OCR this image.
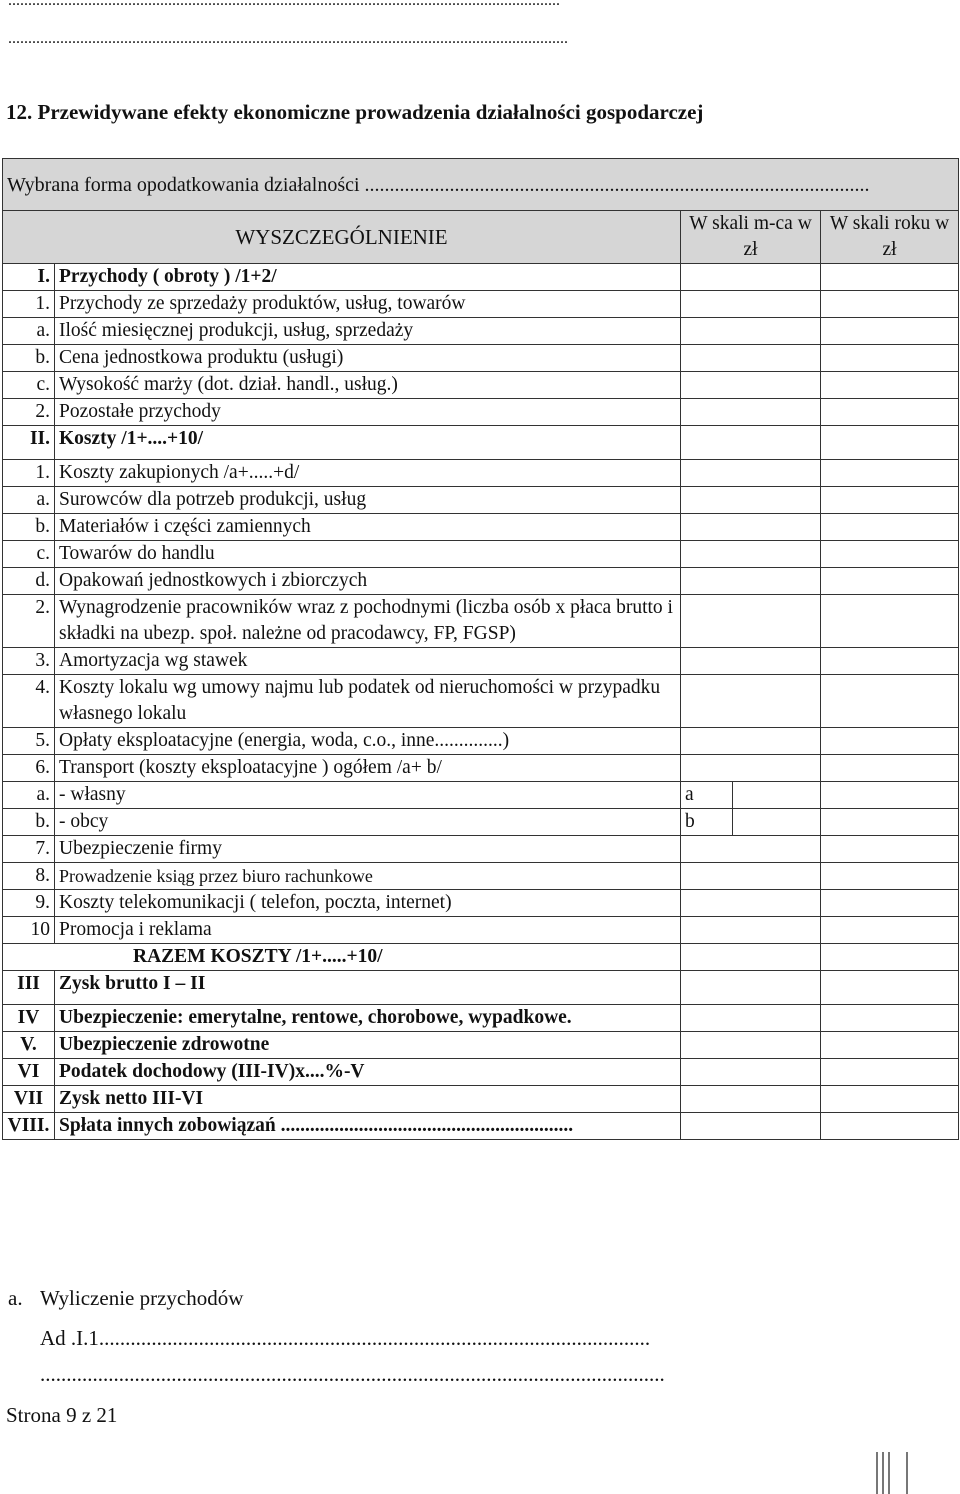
..........................................................................................................................................
............................................................................................................................................
12. Przewidywane efekty ekonomiczne prowadzenia działalności gospodarczej
Wybrana forma opodatkowania działalności .....................................................................................................				
WYSZCZEGÓLNIENIE		W skali m-ca w zł		W skali roku w zł
I.	Przychody ( obroty ) /1+2/			
1.	Przychody ze sprzedaży produktów, usług, towarów			
a.	Ilość miesięcznej produkcji, usług, sprzedaży			
b.	Cena jednostkowa produktu (usługi)			
c.	Wysokość marży (dot. dział. handl., usług.)			
2.	Pozostałe przychody			
II.	Koszty /1+....+10/			
1.	Koszty zakupionych /a+.....+d/			
a.	Surowców dla potrzeb produkcji, usług			
b.	Materiałów i części zamiennych			
c.	Towarów do handlu			
d.	Opakowań jednostkowych i zbiorczych			
2.	Wynagrodzenie pracowników wraz z pochodnymi (liczba osób x płaca brutto i składki na ubezp. społ. należne od pracodawcy, FP, FGSP)			
3.	Amortyzacja wg stawek			
4.	Koszty lokalu wg umowy najmu lub podatek od nieruchomości w przypadku własnego lokalu			
5.	Opłaty eksploatacyjne (energia, woda, c.o., inne..............)			
6.	Transport (koszty eksploatacyjne ) ogółem /a+ b/			
a.	- własny	a		
b.	- obcy	b		
7.	Ubezpieczenie firmy			
8.	Prowadzenie ksiąg przez biuro rachunkowe			
9.	Koszty telekomunikacji ( telefon, poczta, internet)			
10	Promocja i reklama			
RAZEM KOSZTY /1+.....+10/				
III	Zysk brutto I – II			
IV	Ubezpieczenie: emerytalne, rentowe, chorobowe, wypadkowe.			
V.	Ubezpieczenie zdrowotne			
VI	Podatek dochodowy (III-IV)x....%-V			
VII	Zysk netto III-VI			
VIII.	Spłata innych zobowiązań ............................................................			
a. Wyliczenie przychodów
Ad .I.1.........................................................................................................
.......................................................................................................................
Strona 9 z 21
